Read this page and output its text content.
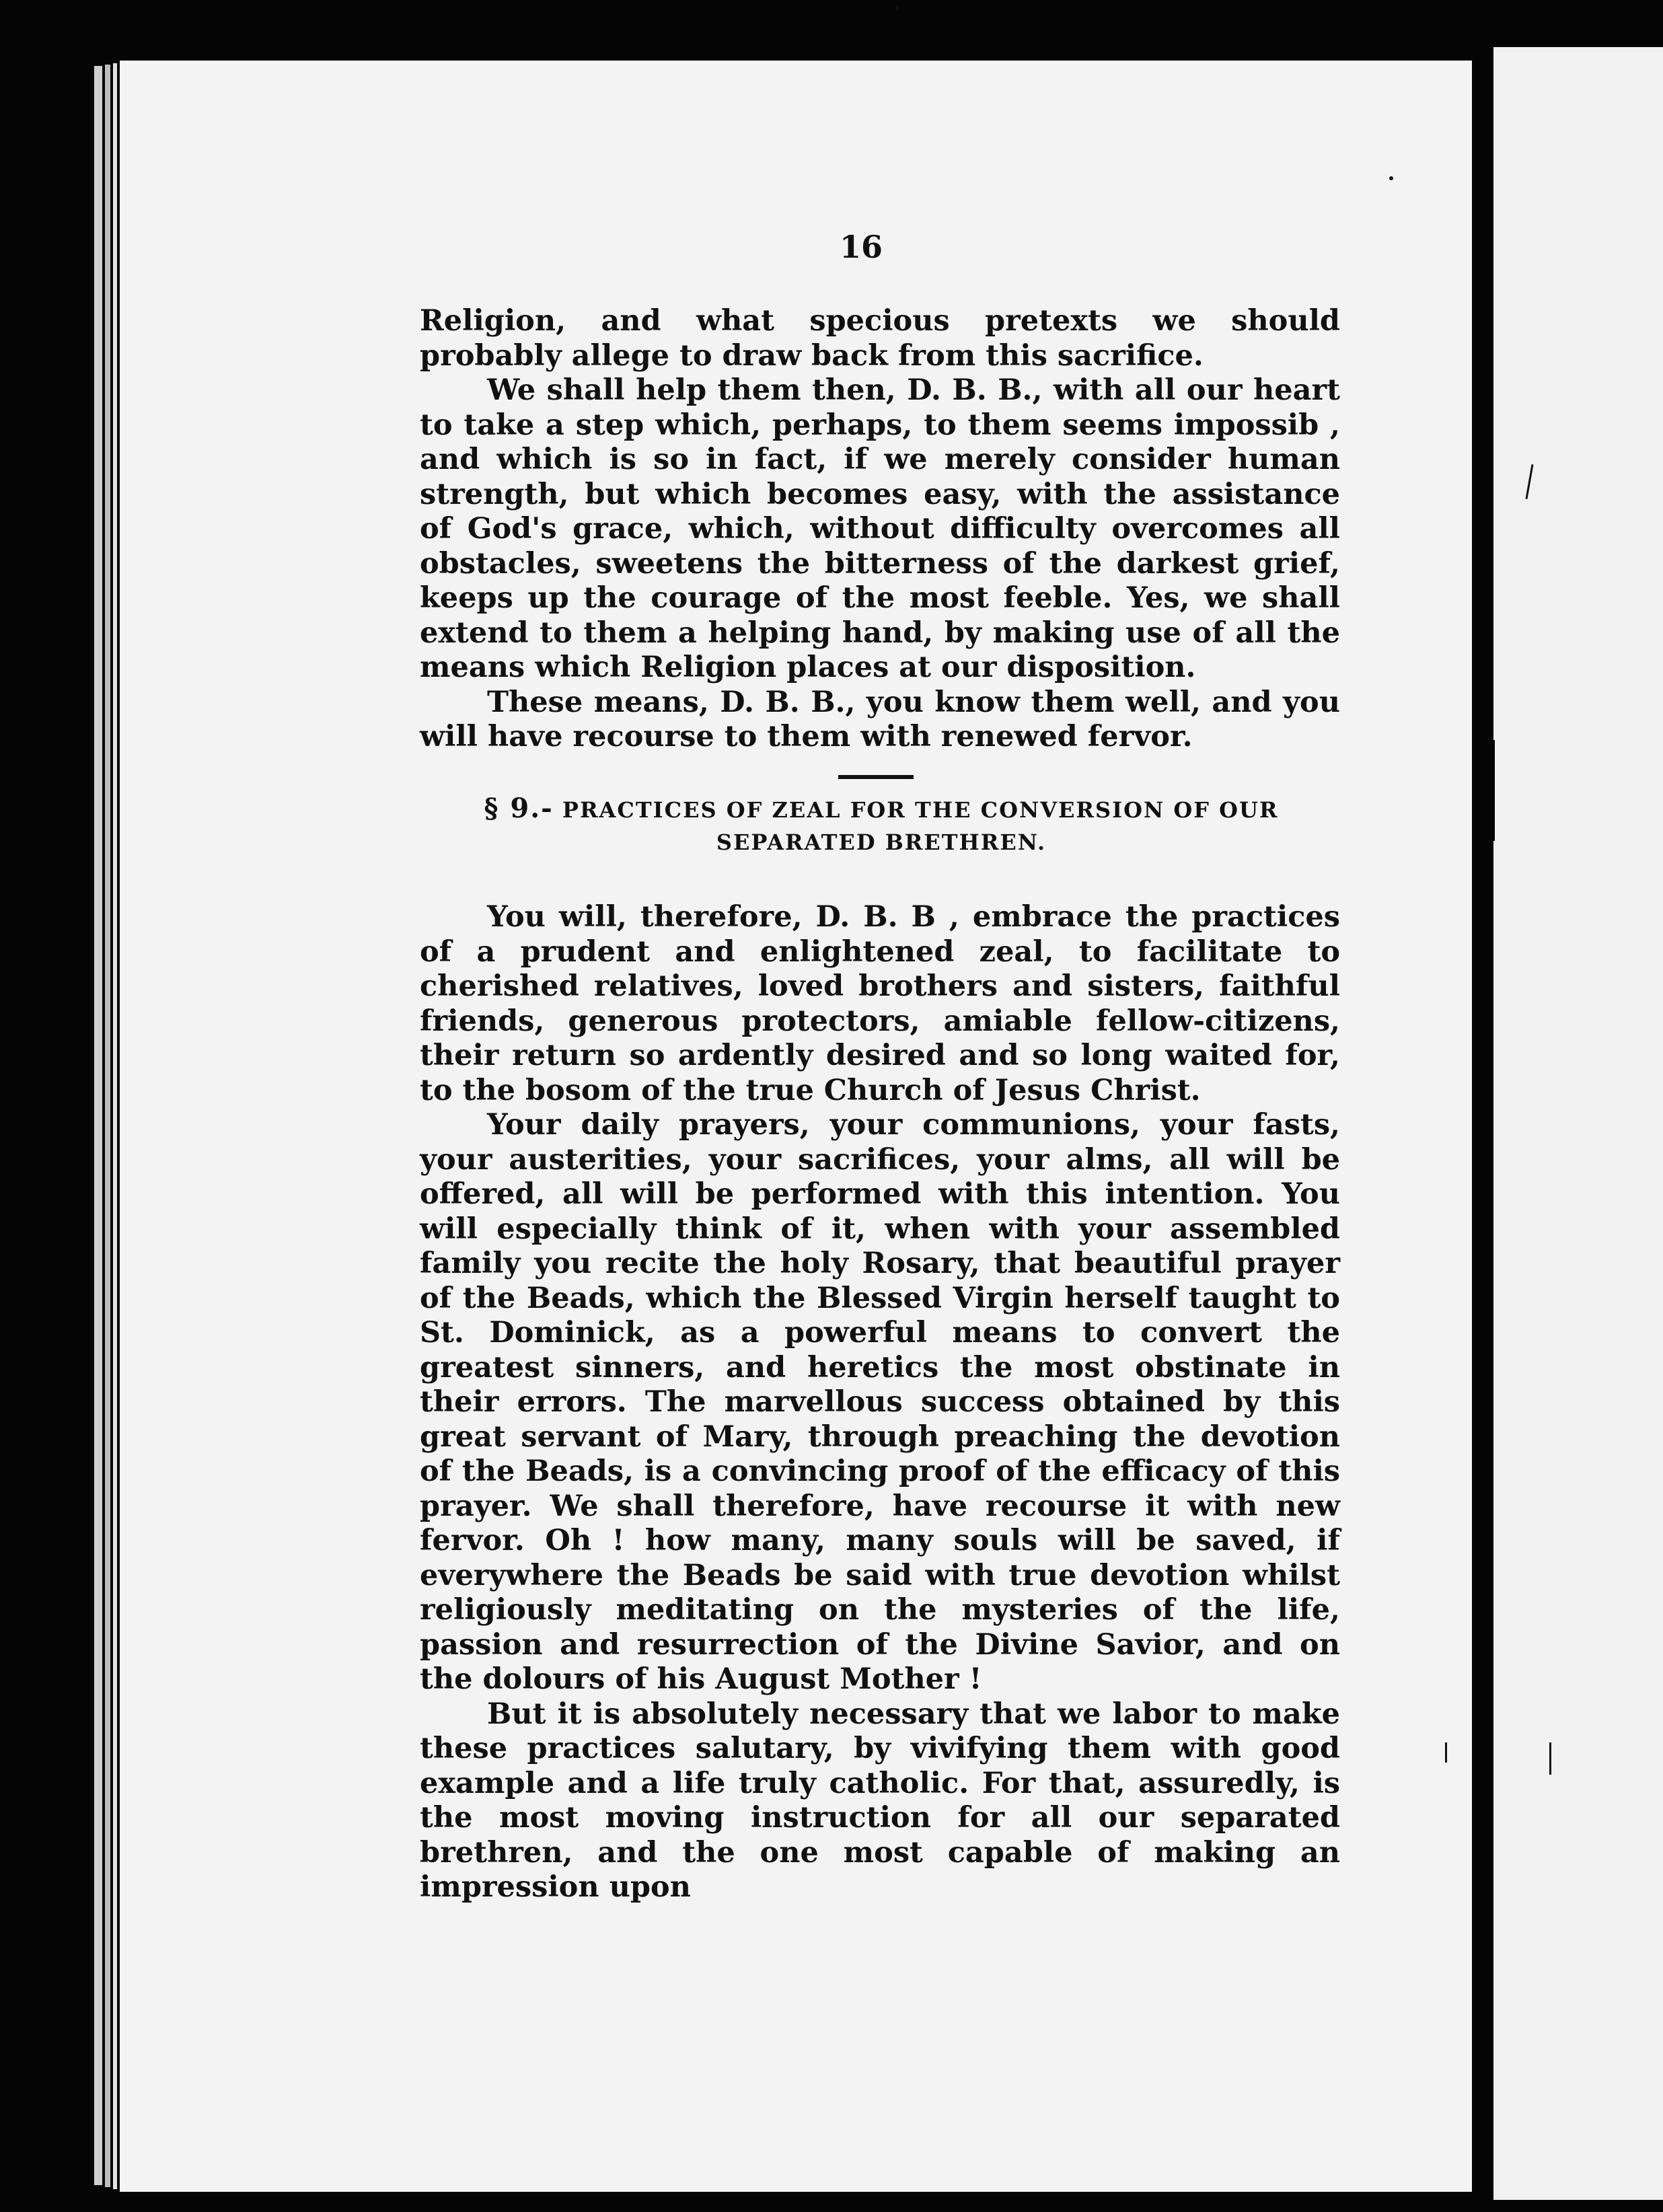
16

Religion, and what specious pretexts we should probably allege to draw back from this sacrifice.

We shall help them then, D. B. B., with all our heart to take a step which, perhaps, to them seems impossib , and which is so in fact, if we merely consider human strength, but which becomes easy, with the assistance of God's grace, which, without difficulty overcomes all obstacles, sweetens the bitterness of the darkest grief, keeps up the courage of the most feeble. Yes, we shall extend to them a helping hand, by making use of all the means which Religion places at our disposition.

These means, D. B. B., you know them well, and you will have recourse to them with renewed fervor.

§ 9.- PRACTICES OF ZEAL FOR THE CONVERSION OF OUR
SEPARATED BRETHREN.

You will, therefore, D. B. B , embrace the practices of a prudent and enlightened zeal, to facilitate to cherished relatives, loved brothers and sisters, faithful friends, generous protectors, amiable fellow-citizens, their return so ardently desired and so long waited for, to the bosom of the true Church of Jesus Christ.

Your daily prayers, your communions, your fasts, your austerities, your sacrifices, your alms, all will be offered, all will be performed with this intention. You will especially think of it, when with your assembled family you recite the holy Rosary, that beautiful prayer of the Beads, which the Blessed Virgin herself taught to St. Dominick, as a powerful means to convert the greatest sinners, and heretics the most obstinate in their errors. The marvellous success obtained by this great servant of Mary, through preaching the devotion of the Beads, is a convincing proof of the efficacy of this prayer. We shall therefore, have recourse it with new fervor. Oh ! how many, many souls will be saved, if everywhere the Beads be said with true devotion whilst religiously meditating on the mysteries of the life, passion and resurrection of the Divine Savior, and on the dolours of his August Mother !

But it is absolutely necessary that we labor to make these practices salutary, by vivifying them with good example and a life truly catholic. For that, assuredly, is the most moving instruction for all our separated brethren, and the one most capable of making an impression upon
